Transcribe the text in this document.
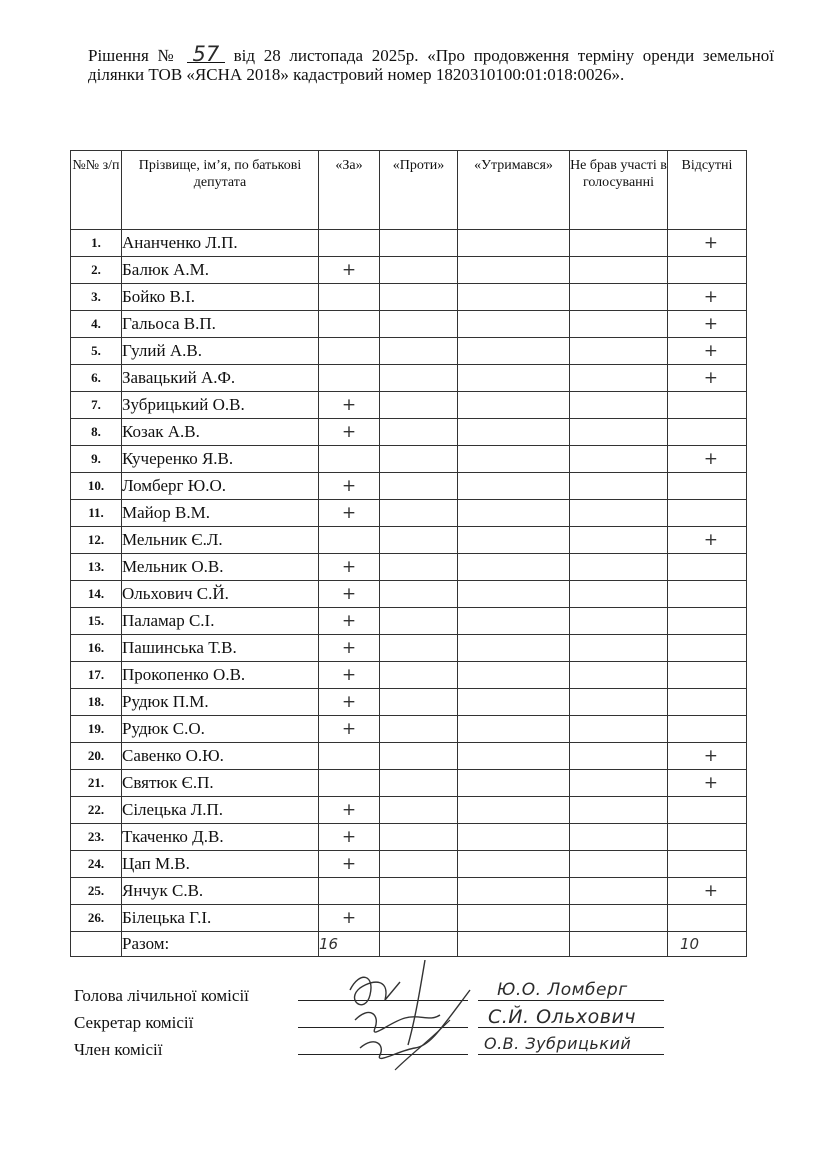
Рішення № 57 від 28 листопада 2025р. «Про продовження терміну оренди земельної ділянки ТОВ «ЯСНА 2018» кадастровий номер 1820310100:01:018:0026».
№№ з/п	Прізвище, ім’я, по батькові депутата	«За»	«Проти»	«Утримався»	Не брав участі в голосуванні	Відсутні
1.	Ананченко Л.П.					+
2.	Балюк А.М.	+				
3.	Бойко В.І.					+
4.	Гальоса В.П.					+
5.	Гулий А.В.					+
6.	Завацький А.Ф.					+
7.	Зубрицький О.В.	+				
8.	Козак А.В.	+				
9.	Кучеренко Я.В.					+
10.	Ломберг Ю.О.	+				
11.	Майор В.М.	+				
12.	Мельник Є.Л.					+
13.	Мельник О.В.	+				
14.	Ольхович С.Й.	+				
15.	Паламар С.І.	+				
16.	Пашинська Т.В.	+				
17.	Прокопенко О.В.	+				
18.	Рудюк П.М.	+				
19.	Рудюк С.О.	+				
20.	Савенко О.Ю.					+
21.	Святюк Є.П.					+
22.	Сілецька Л.П.	+				
23.	Ткаченко Д.В.	+				
24.	Цап М.В.	+				
25.	Янчук С.В.					+
26.	Білецька Г.І.	+				
	Разом:	16				10
Голова лічильної комісії
Секретар комісії
Член комісії
Ю.О. Ломберг
С.Й. Ольхович
О.В. Зубрицький
